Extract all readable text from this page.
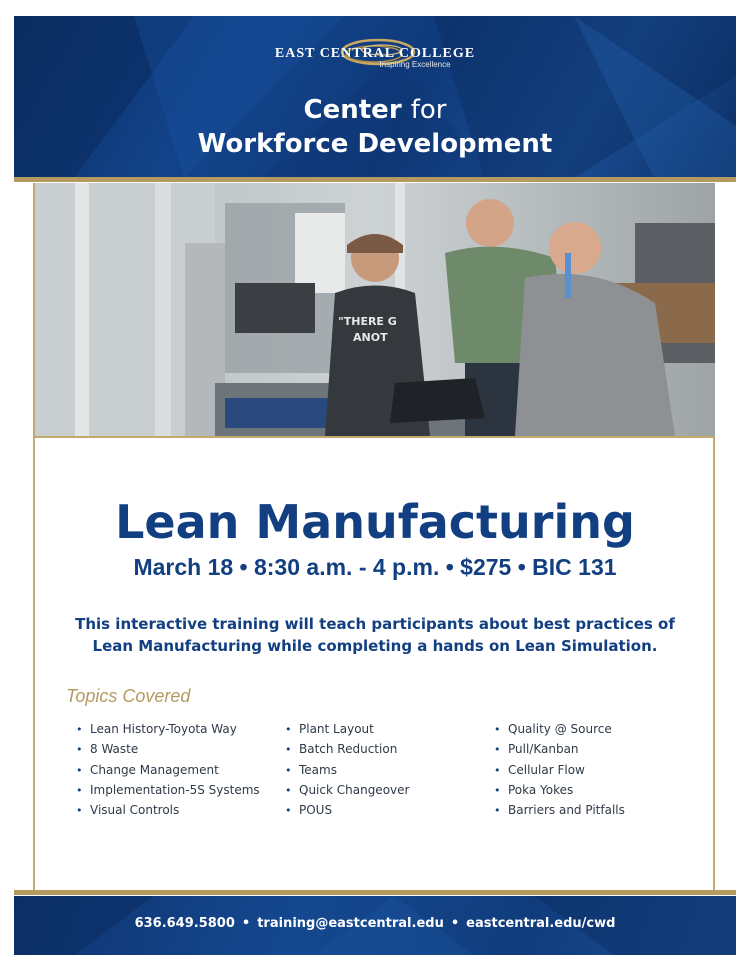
EAST CENTRAL COLLEGE
Inspiring Excellence
Center for
Workforce Development
"THERE G
ANOT
Lean Manufacturing
March 18 • 8:30 a.m. - 4 p.m. • $275 • BIC 131
This interactive training will teach participants about best practices of
Lean Manufacturing while completing a hands on Lean Simulation.
Topics Covered
• Lean History-Toyota Way
• 8 Waste
• Change Management
• Implementation-5S Systems
• Visual Controls
• Plant Layout
• Batch Reduction
• Teams
• Quick Changeover
• POUS
• Quality @ Source
• Pull/Kanban
• Cellular Flow
• Poka Yokes
• Barriers and Pitfalls
636.649.5800 • training@eastcentral.edu • eastcentral.edu/cwd
